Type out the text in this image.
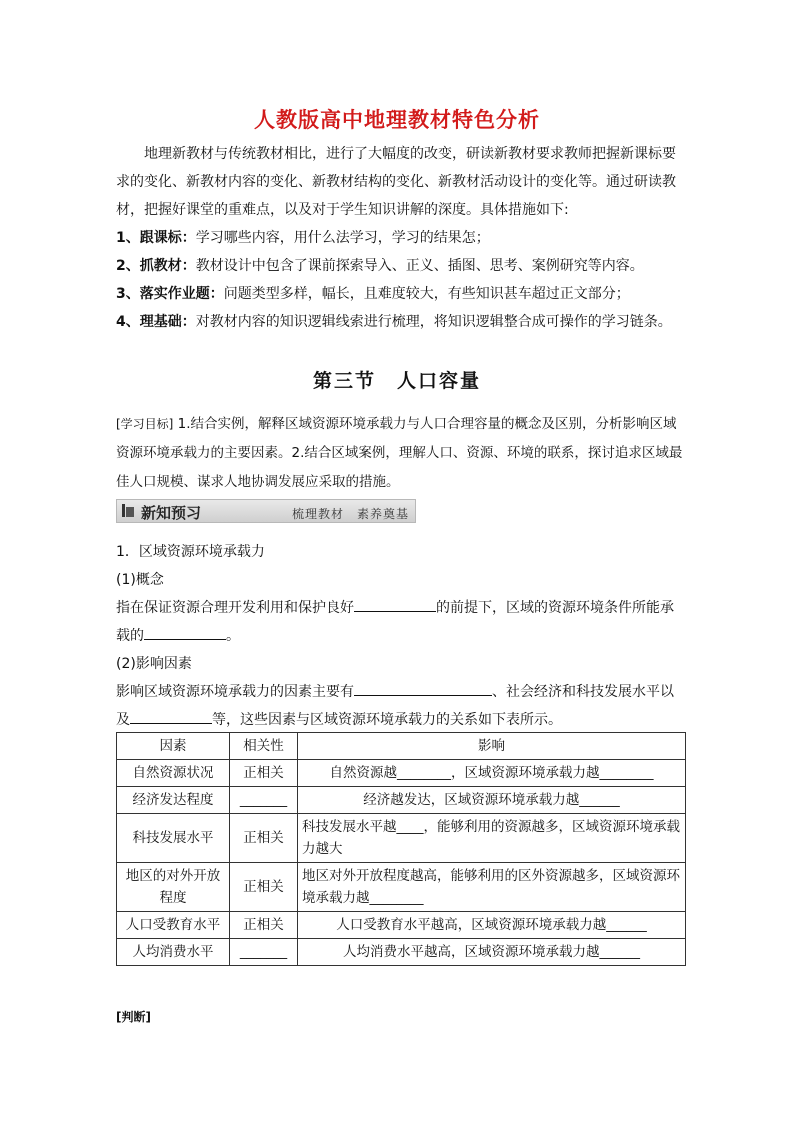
人教版高中地理教材特色分析

地理新教材与传统教材相比，进行了大幅度的改变，研读新教材要求教师把握新课标要求的变化、新教材内容的变化、新教材结构的变化、新教材活动设计的变化等。通过研读教材，把握好课堂的重难点，以及对于学生知识讲解的深度。具体措施如下:

1、跟课标：学习哪些内容，用什么法学习，学习的结果怎；

2、抓教材：教材设计中包含了课前探索导入、正义、插图、思考、案例研究等内容。

3、落实作业题：问题类型多样，幅长，且难度较大，有些知识甚车超过正文部分；

4、理基础：对教材内容的知识逻辑线索进行梳理，将知识逻辑整合成可操作的学习链条。

第三节　人口容量

[学习目标] 1.结合实例，解释区域资源环境承载力与人口合理容量的概念及区别，分析影响区域资源环境承载力的主要因素。2.结合区域案例，理解人口、资源、环境的联系，探讨追求区域最佳人口规模、谋求人地协调发展应采取的措施。

新知预习	梳理教材　素养奠基

1．区域资源环境承载力

(1)概念

指在保证资源合理开发利用和保护良好	的前提下，区域的资源环境条件所能承

载的	。

(2)影响因素

影响区域资源环境承载力的因素主要有	、社会经济和科技发展水平以

及	等，这些因素与区域资源环境承载力的关系如下表所示。

因素	相关性	影响
自然资源状况	正相关	自然资源越________，区域资源环境承载力越________
经济发达程度	_______	经济越发达，区域资源环境承载力越______
科技发展水平	正相关	科技发展水平越____，能够利用的资源越多，区域资源环境承载力越大
地区的对外开放程度	正相关	地区对外开放程度越高，能够利用的区外资源越多，区域资源环境承载力越________
人口受教育水平	正相关	人口受教育水平越高，区域资源环境承载力越______
人均消费水平	_______	人均消费水平越高，区域资源环境承载力越______
[判断]
